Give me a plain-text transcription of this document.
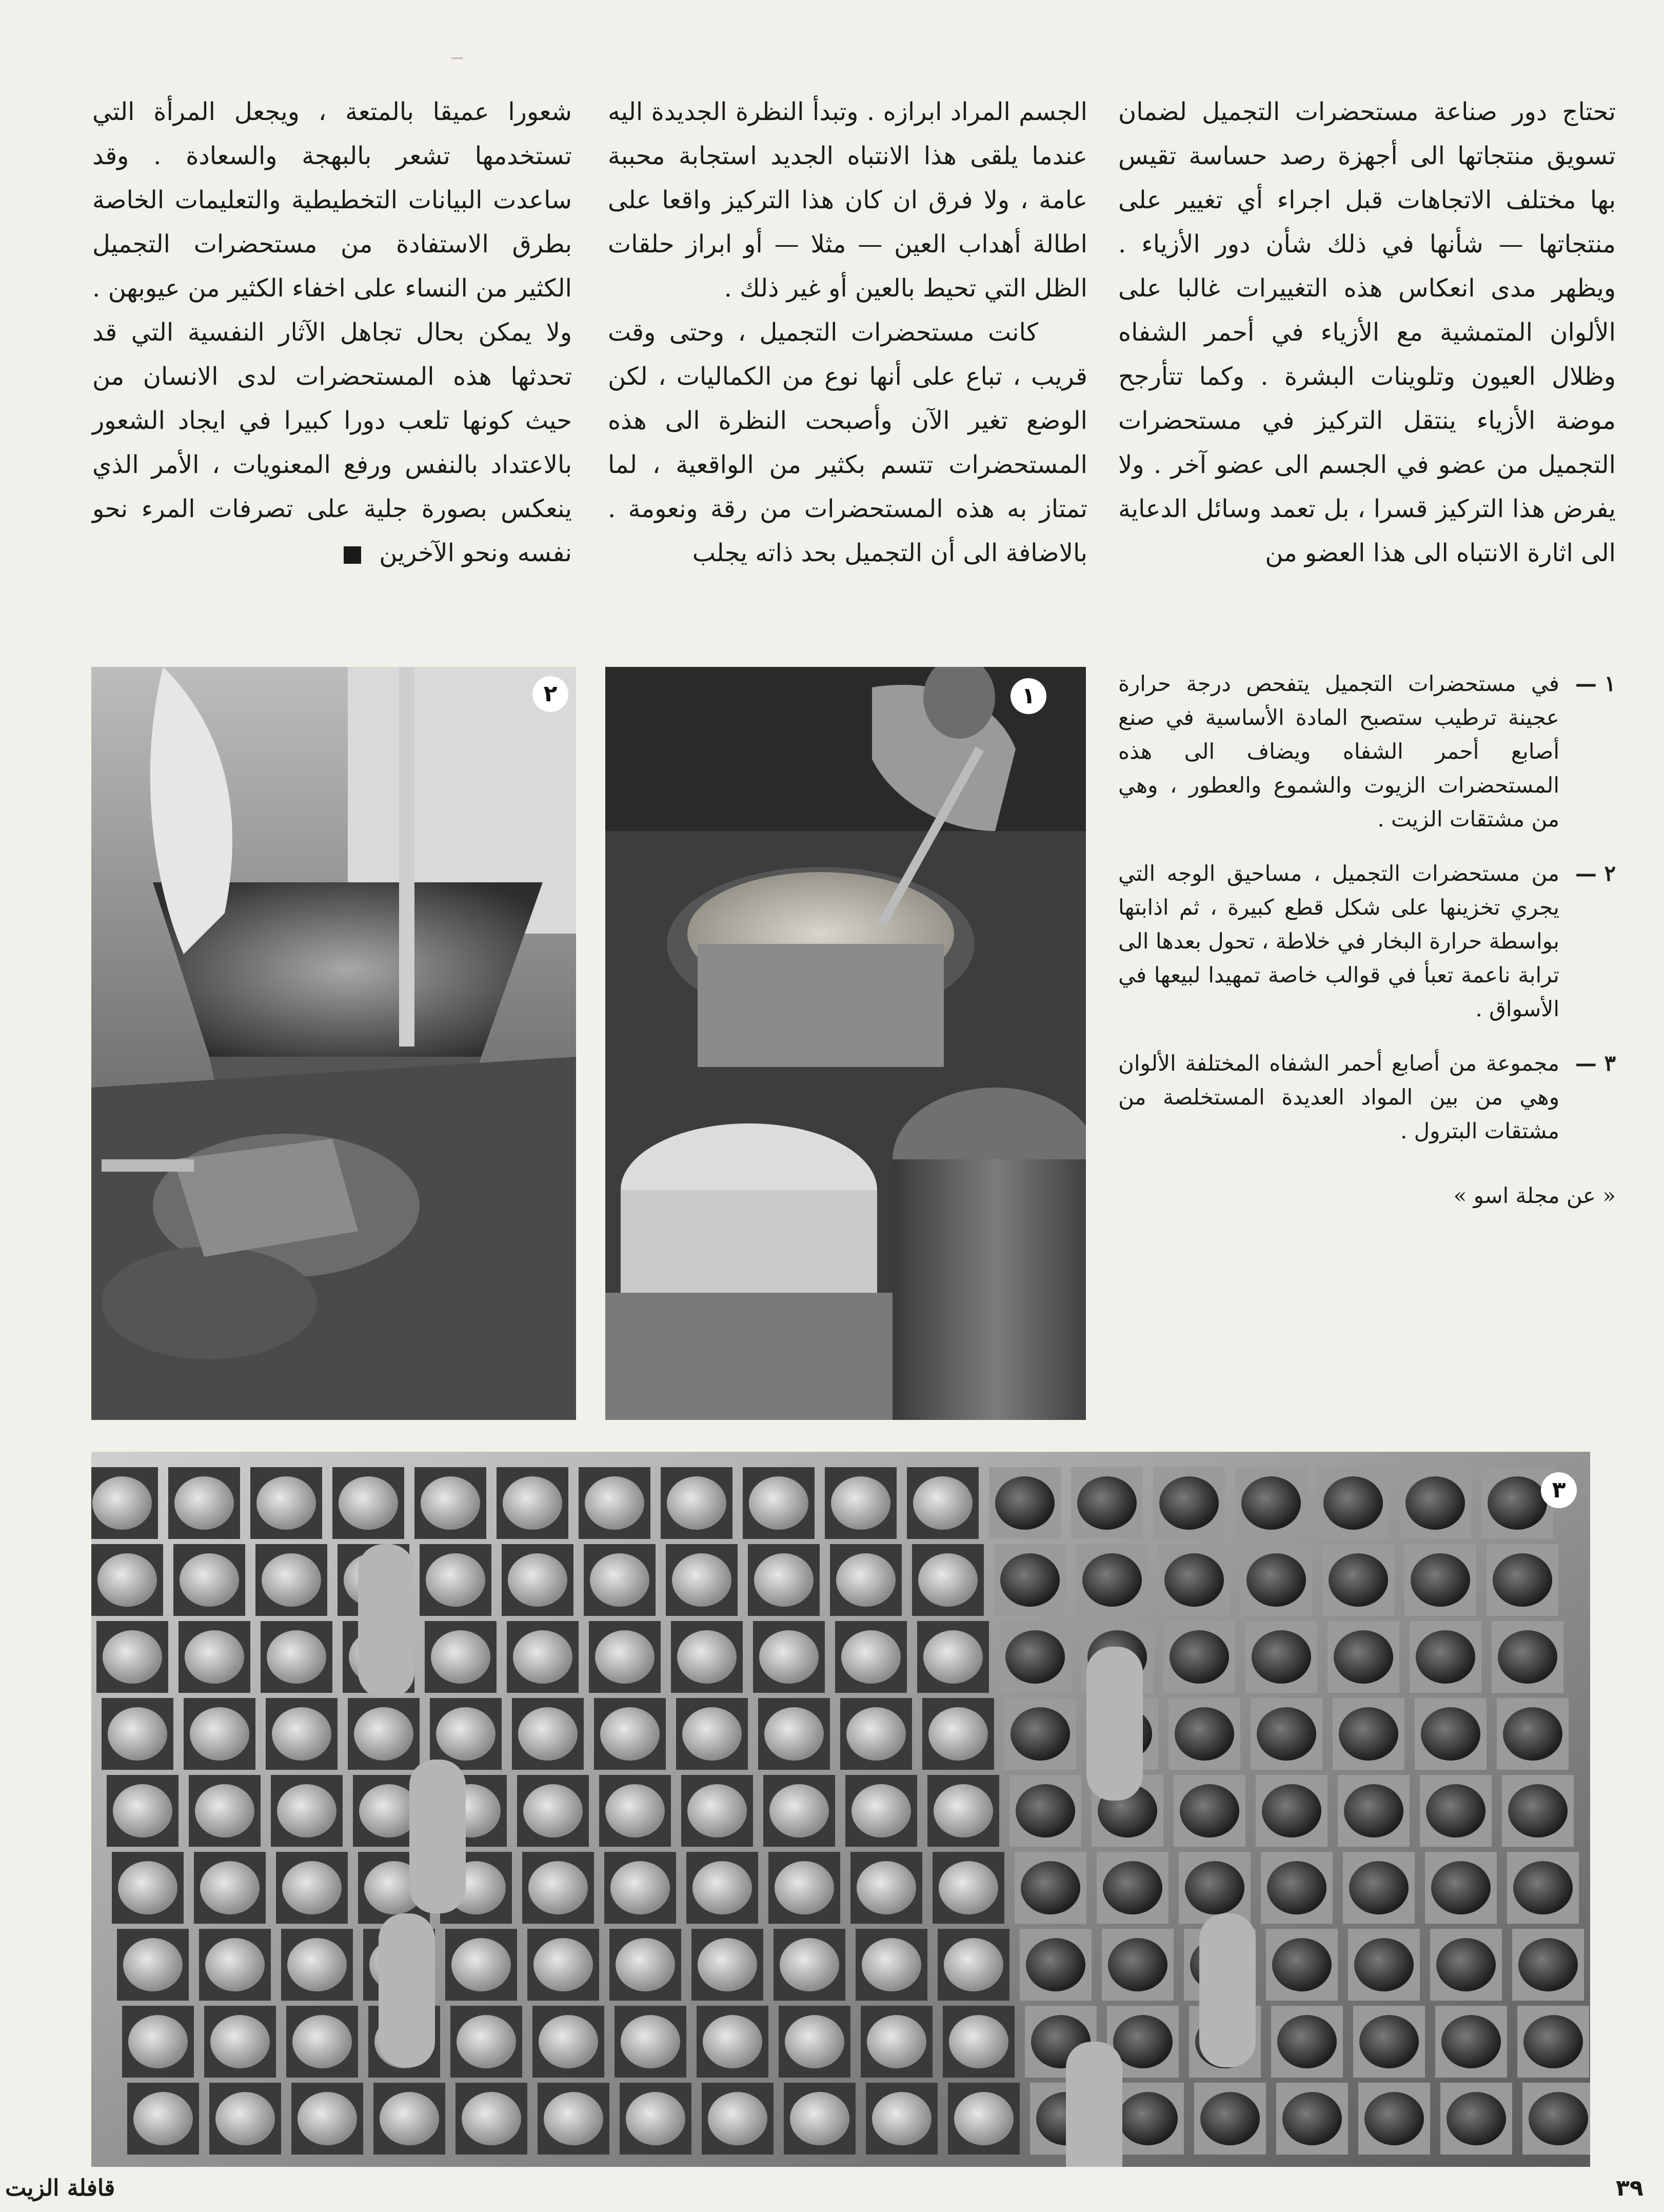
تحتاج دور صناعة مستحضرات التجميل لضمان تسويق منتجاتها الى أجهزة رصد حساسة تقيس بها مختلف الاتجاهات قبل اجراء أي تغيير على منتجاتها — شأنها في ذلك شأن دور الأزياء . ويظهر مدى انعكاس هذه التغييرات غالبا على الألوان المتمشية مع الأزياء في أحمر الشفاه وظلال العيون وتلوينات البشرة . وكما تتأرجح موضة الأزياء ينتقل التركيز في مستحضرات التجميل من عضو في الجسم الى عضو آخر . ولا يفرض هذا التركيز قسرا ، بل تعمد وسائل الدعاية الى اثارة الانتباه الى هذا العضو من

الجسم المراد ابرازه . وتبدأ النظرة الجديدة اليه عندما يلقى هذا الانتباه الجديد استجابة محببة عامة ، ولا فرق ان كان هذا التركيز واقعا على اطالة أهداب العين — مثلا — أو ابراز حلقات الظل التي تحيط بالعين أو غير ذلك .

كانت مستحضرات التجميل ، وحتى وقت قريب ، تباع على أنها نوع من الكماليات ، لكن الوضع تغير الآن وأصبحت النظرة الى هذه المستحضرات تتسم بكثير من الواقعية ، لما تمتاز به هذه المستحضرات من رقة ونعومة . بالاضافة الى أن التجميل بحد ذاته يجلب

شعورا عميقا بالمتعة ، ويجعل المرأة التي تستخدمها تشعر بالبهجة والسعادة . وقد ساعدت البيانات التخطيطية والتعليمات الخاصة بطرق الاستفادة من مستحضرات التجميل الكثير من النساء على اخفاء الكثير من عيوبهن . ولا يمكن بحال تجاهل الآثار النفسية التي قد تحدثها هذه المستحضرات لدى الانسان من حيث كونها تلعب دورا كبيرا في ايجاد الشعور بالاعتداد بالنفس ورفع المعنويات ، الأمر الذي ينعكس بصورة جلية على تصرفات المرء نحو نفسه ونحو الآخرين

١ —
في مستحضرات التجميل يتفحص درجة حرارة عجينة ترطيب ستصبح المادة الأساسية في صنع أصابع أحمر الشفاه ويضاف الى هذه المستحضرات الزيوت والشموع والعطور ، وهي من مشتقات الزيت .
٢ —
من مستحضرات التجميل ، مساحيق الوجه التي يجري تخزينها على شكل قطع كبيرة ، ثم اذابتها بواسطة حرارة البخار في خلاطة ، تحول بعدها الى ترابة ناعمة تعبأ في قوالب خاصة تمهيدا لبيعها في الأسواق .
٣ —
مجموعة من أصابع أحمر الشفاه المختلفة الألوان وهي من بين المواد العديدة المستخلصة من مشتقات البترول .
« عن مجلة اسو »
٢	١
٣
قافلة الزيت	٣٩
